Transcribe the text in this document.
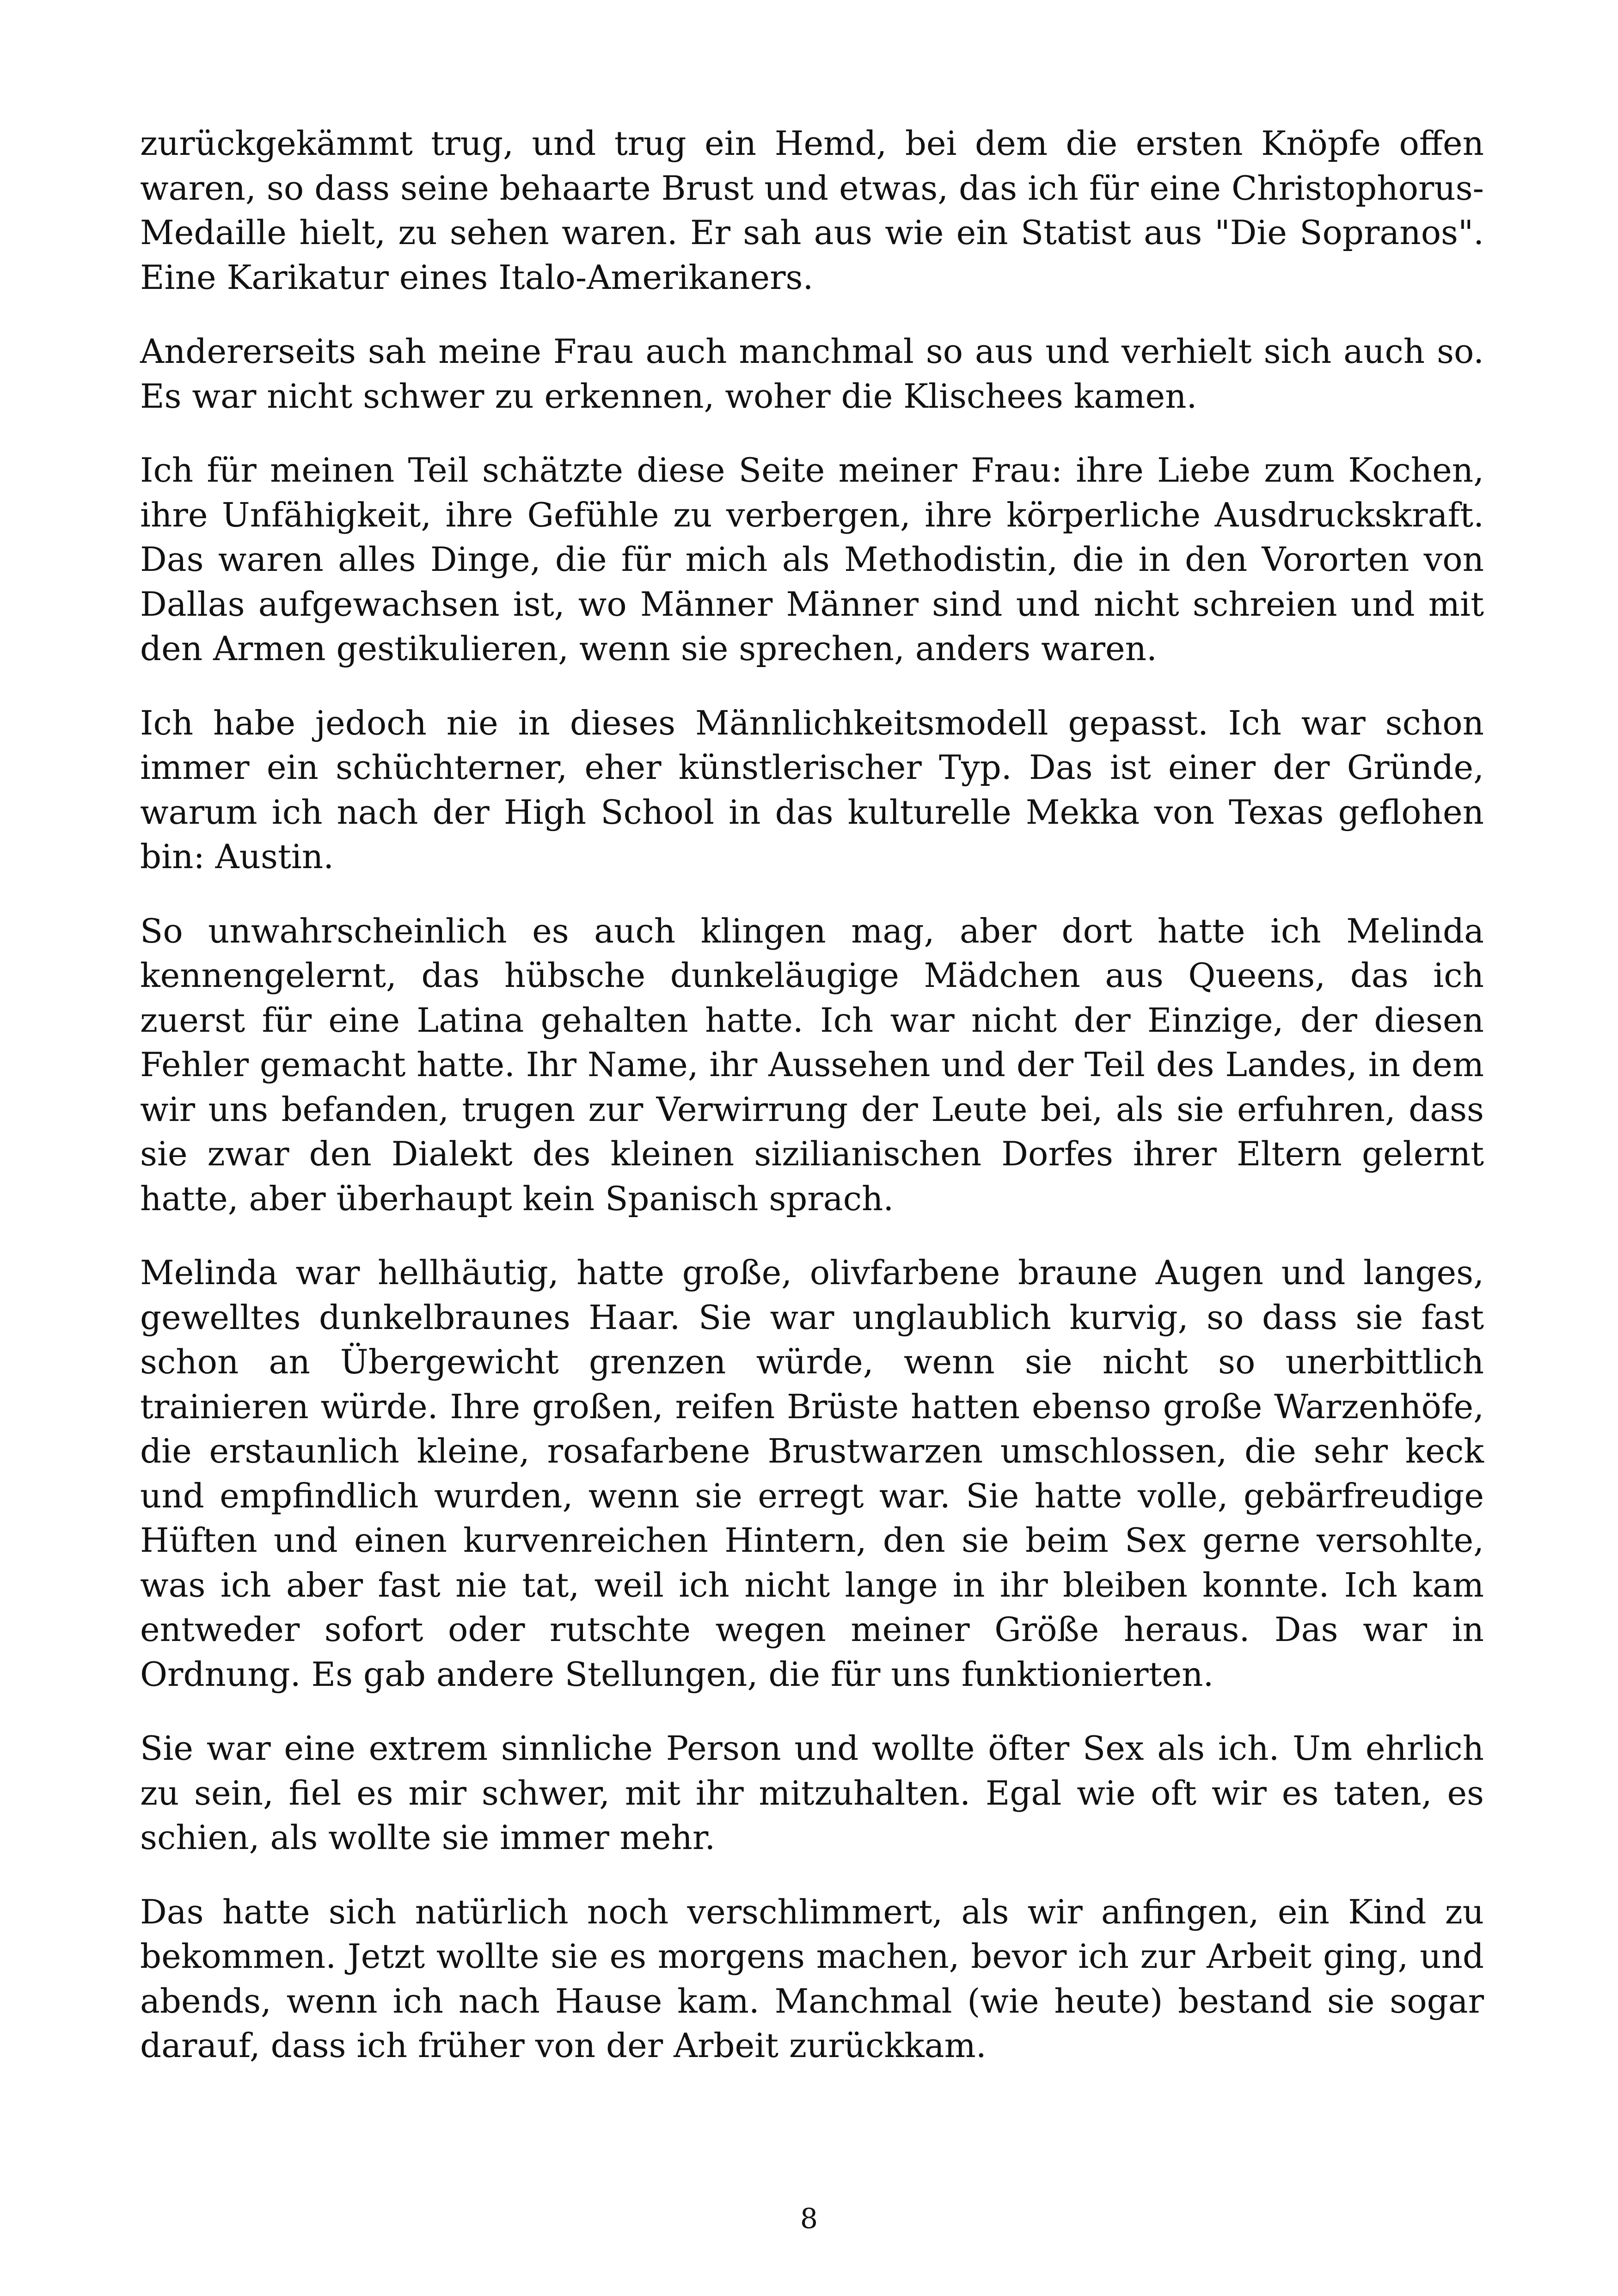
zurückgekämmt trug, und trug ein Hemd, bei dem die ersten Knöpfe offen waren, so dass seine behaarte Brust und etwas, das ich für eine Christophorus-Medaille hielt, zu sehen waren. Er sah aus wie ein Statist aus "Die Sopranos". Eine Karikatur eines Italo-Amerikaners.

Andererseits sah meine Frau auch manchmal so aus und verhielt sich auch so. Es war nicht schwer zu erkennen, woher die Klischees kamen.

Ich für meinen Teil schätzte diese Seite meiner Frau: ihre Liebe zum Kochen, ihre Unfähigkeit, ihre Gefühle zu verbergen, ihre körperliche Ausdruckskraft. Das waren alles Dinge, die für mich als Methodistin, die in den Vororten von Dallas aufgewachsen ist, wo Männer Männer sind und nicht schreien und mit den Armen gestikulieren, wenn sie sprechen, anders waren.

Ich habe jedoch nie in dieses Männlichkeitsmodell gepasst. Ich war schon immer ein schüchterner, eher künstlerischer Typ. Das ist einer der Gründe, warum ich nach der High School in das kulturelle Mekka von Texas geflohen bin: Austin.

So unwahrscheinlich es auch klingen mag, aber dort hatte ich Melinda kennengelernt, das hübsche dunkeläugige Mädchen aus Queens, das ich zuerst für eine Latina gehalten hatte. Ich war nicht der Einzige, der diesen Fehler gemacht hatte. Ihr Name, ihr Aussehen und der Teil des Landes, in dem wir uns befanden, trugen zur Verwirrung der Leute bei, als sie erfuhren, dass sie zwar den Dialekt des kleinen sizilianischen Dorfes ihrer Eltern gelernt hatte, aber überhaupt kein Spanisch sprach.

Melinda war hellhäutig, hatte große, olivfarbene braune Augen und langes, gewelltes dunkelbraunes Haar. Sie war unglaublich kurvig, so dass sie fast schon an Übergewicht grenzen würde, wenn sie nicht so unerbittlich trainieren würde. Ihre großen, reifen Brüste hatten ebenso große Warzenhöfe, die erstaunlich kleine, rosafarbene Brustwarzen umschlossen, die sehr keck und empfindlich wurden, wenn sie erregt war. Sie hatte volle, gebärfreudige Hüften und einen kurvenreichen Hintern, den sie beim Sex gerne versohlte, was ich aber fast nie tat, weil ich nicht lange in ihr bleiben konnte. Ich kam entweder sofort oder rutschte wegen meiner Größe heraus. Das war in Ordnung. Es gab andere Stellungen, die für uns funktionierten.

Sie war eine extrem sinnliche Person und wollte öfter Sex als ich. Um ehrlich zu sein, fiel es mir schwer, mit ihr mitzuhalten. Egal wie oft wir es taten, es schien, als wollte sie immer mehr.

Das hatte sich natürlich noch verschlimmert, als wir anfingen, ein Kind zu bekommen. Jetzt wollte sie es morgens machen, bevor ich zur Arbeit ging, und abends, wenn ich nach Hause kam. Manchmal (wie heute) bestand sie sogar darauf, dass ich früher von der Arbeit zurückkam.

8
